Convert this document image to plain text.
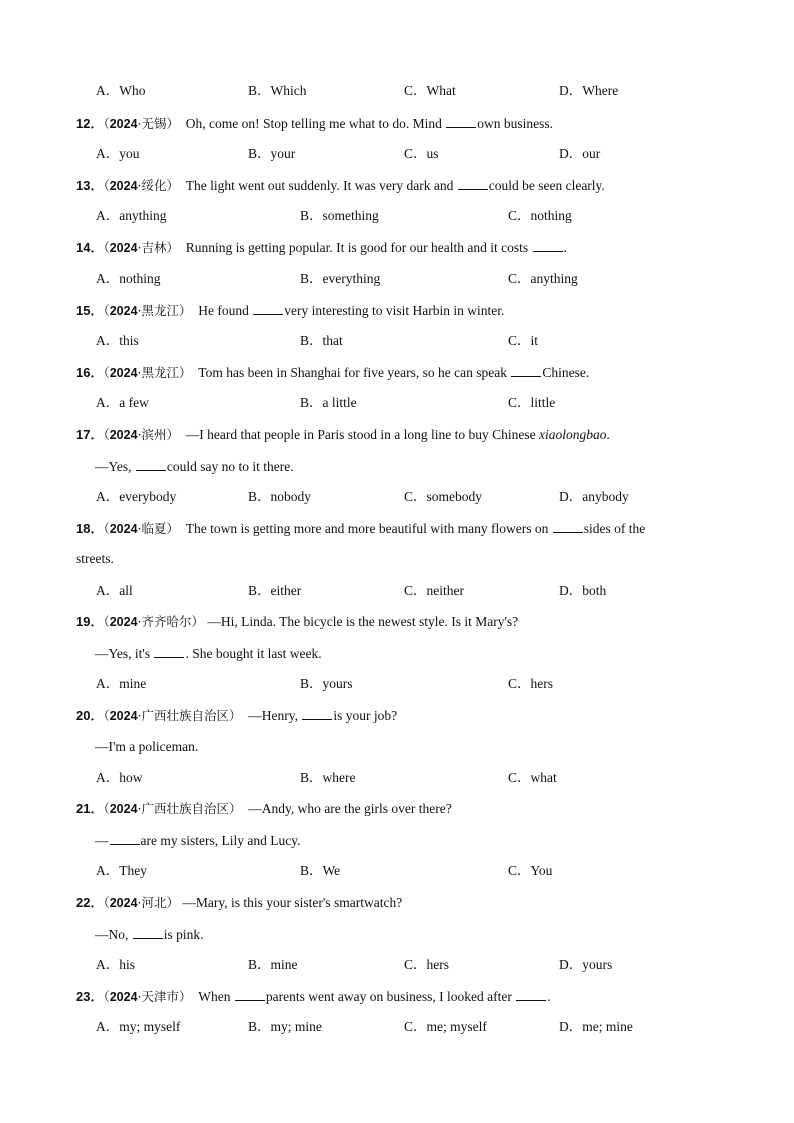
A．Who	B．Which	C．What	D．Where
12．（2024·无锡） Oh, come on! Stop telling me what to do. Mind	own business.
A．you	B．your	C．us	D．our
13．（2024·绥化） The light went out suddenly. It was very dark and	could be seen clearly.
A．anything	B．something	C．nothing
14．（2024·吉林） Running is getting popular. It is good for our health and it costs	.
A．nothing	B．everything	C．anything
15．（2024·黑龙江） He found	very interesting to visit Harbin in winter.
A．this	B．that	C．it
16．（2024·黑龙江） Tom has been in Shanghai for five years, so he can speak	Chinese.
A．a few	B．a little	C．little
17．（2024·滨州） —I heard that people in Paris stood in a long line to buy Chinese xiaolongbao.
—Yes,	could say no to it there.
A．everybody	B．nobody	C．somebody	D．anybody
18．（2024·临夏） The town is getting more and more beautiful with many flowers on	sides of the
streets.
A．all	B．either	C．neither	D．both
19．（2024·齐齐哈尔） —Hi, Linda. The bicycle is the newest style. Is it Mary's?
—Yes, it's	. She bought it last week.
A．mine	B．yours	C．hers
20．（2024·广西壮族自治区） —Henry,	is your job?
—I'm a policeman.
A．how	B．where	C．what
21．（2024·广西壮族自治区） —Andy, who are the girls over there?
— are my sisters, Lily and Lucy.
A．They	B．We	C．You
22．（2024·河北） —Mary, is this your sister's smartwatch?
—No,	is pink.
A．his	B．mine	C．hers	D．yours
23．（2024·天津市） When	parents went away on business, I looked after	.
A．my; myself	B．my; mine	C．me; myself	D．me; mine
